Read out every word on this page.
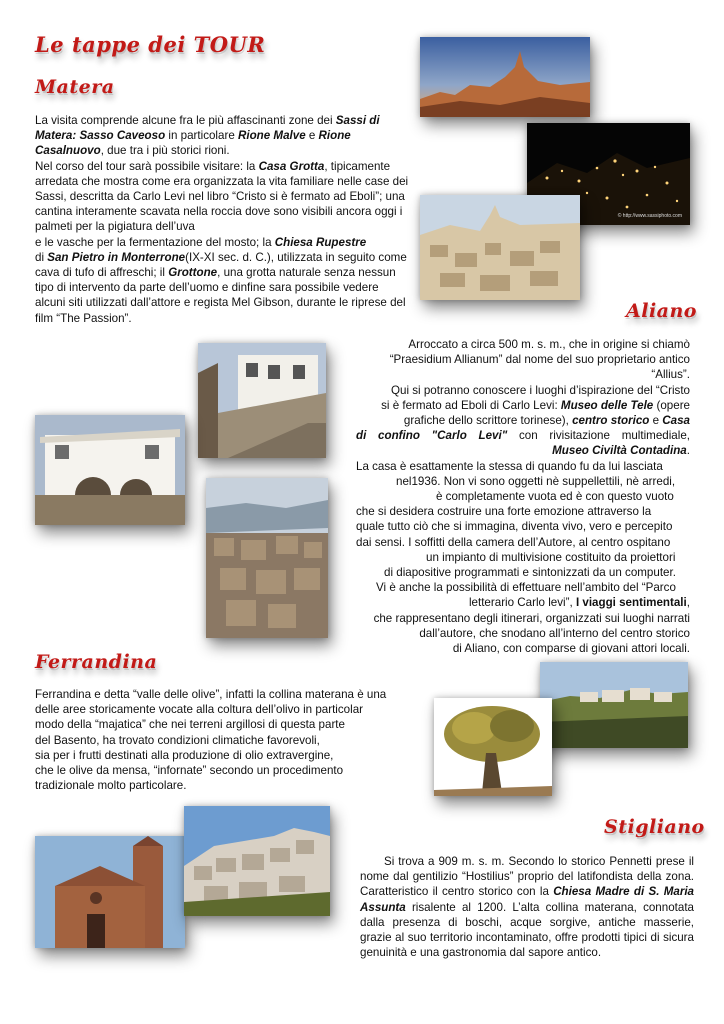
Le tappe dei TOUR
Matera
Aliano
Ferrandina
Stigliano
La visita comprende alcune fra le più affascinanti zone dei Sassi di Matera: Sasso Caveoso in particolare Rione Malve e Rione Casalnuovo, due tra i più storici rioni.
Nel corso del tour sarà possibile visitare: la Casa Grotta, tipicamente arredata che mostra come era organizzata la vita familiare nelle case dei Sassi, descritta da Carlo Levi nel libro “Cristo si è fermato ad Eboli”; una cantina interamente scavata nella roccia dove sono visibili ancora oggi i palmeti per la pigiatura dell’uva
e le vasche per la fermentazione del mosto; la Chiesa Rupestre
di San Pietro in Monterrone(IX-XI sec. d. C.), utilizzata in seguito come cava di tufo di affreschi; il Grottone, una grotta naturale senza nessun tipo di intervento da parte dell’uomo e dinfine sara possibile vedere alcuni siti utilizzati dall’attore e regista Mel Gibson, durante le riprese del film “The Passion”.
© http://www.sassiphoto.com
Arroccato a circa 500 m. s. m., che in origine si chiamò
“Praesidium Allianum” dal nome del suo proprietario antico
“Allius”.
Qui si potranno conoscere i luoghi d’ispirazione del “Cristo
si è fermato ad Eboli di Carlo Levi: Museo delle Tele (opere
grafiche dello scrittore torinese), centro storico e Casa
di confino "Carlo Levi" con rivisitazione multimediale,
Museo Civiltà Contadina.
La casa è esattamente la stessa di quando fu da lui lasciata
nel1936. Non vi sono oggetti nè suppellettili, nè arredi,
è completamente vuota ed è con questo vuoto
che si desidera costruire una forte emozione attraverso la
quale tutto ciò che si immagina, diventa vivo, vero e percepito
dai sensi. I soffitti della camera dell’Autore, al centro ospitano
un impianto di multivisione costituito da proiettori
di diapositive programmati e sintonizzati da un computer.
Vi è anche la possibilità di effettuare nell’ambito del “Parco
letterario Carlo levi”, I viaggi sentimentali,
che rappresentano degli itinerari, organizzati sui luoghi narrati
dall’autore, che snodano all’interno del centro storico
di Aliano, con comparse di giovani attori locali.
Ferrandina e detta “valle delle olive”, infatti la collina materana è una
delle aree storicamente vocate alla coltura dell’olivo in particolar
modo della “majatica” che nei terreni argillosi di questa parte
del Basento, ha trovato condizioni climatiche favorevoli,
sia per i frutti destinati alla produzione di olio extravergine,
che le olive da mensa, “infornate” secondo un procedimento
tradizionale molto particolare.
Si trova a 909 m. s. m. Secondo lo storico Pennetti prese il nome dal gentilizio “Hostilius” proprio del latifondista della zona. Caratteristico il centro storico con la Chiesa Madre di S. Maria Assunta risalente al 1200. L’alta collina materana, connotata dalla presenza di boschi, acque sorgive, antiche masserie, grazie al suo territorio incontaminato, offre prodotti tipici di sicura genuinità e una gastronomia dal sapore antico.
